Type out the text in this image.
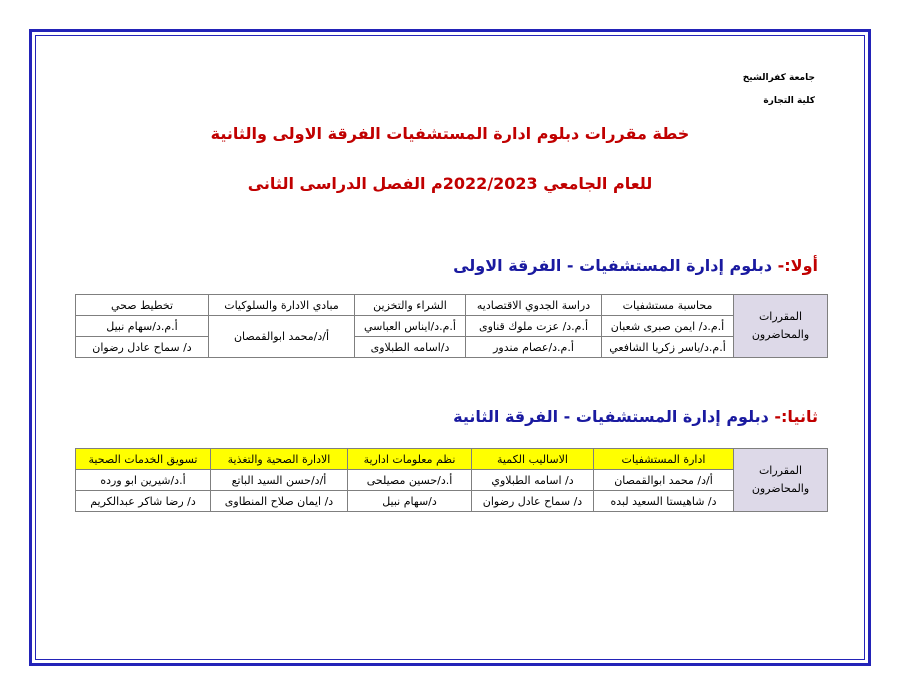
جامعة كفرالشيخ
كلية التجارة
خطة مقررات دبلوم ادارة المستشفيات الفرقة الاولى والثانية
للعام الجامعي 2022/2023م الفصل الدراسى الثانى
أولا:- دبلوم إدارة المستشفيات - الفرقة الاولى
المقررات والمحاضرون	محاسبة مستشفيات	دراسة الجدوي الاقتصاديه	الشراء والتخزين	مبادي الادارة والسلوكيات	تخطيط صحي
	أ.م.د/ ايمن صبرى شعبان	أ.م.د/ عزت ملوك قناوى	أ.م.د/ايناس العباسي	أ/د/محمد ابوالقمصان	أ.م.د/سهام نبيل
	أ.م.د/ياسر زكريا الشافعي	أ.م.د/عصام مندور	د/اسامه الطبلاوى		د/ سماح عادل رضوان
ثانيا:- دبلوم إدارة المستشفيات - الفرقة الثانية
المقررات والمحاضرون	ادارة المستشفيات	الاساليب الكمية	نظم معلومات ادارية	الادارة الصحية والتغذية	تسويق الخدمات الصحية
	أ/د/ محمد ابوالقمصان	د/ اسامه الطبلاوي	أ.د/حسين مصيلحى	أ/د/حسن السيد الباتع	أ.د/شيرين ابو ورده
	د/ شاهيستا السعيد لبده	د/ سماح عادل رضوان	د/سهام نبيل	د/ ايمان صلاح المنطاوى	د/ رضا شاكر عبدالكريم
